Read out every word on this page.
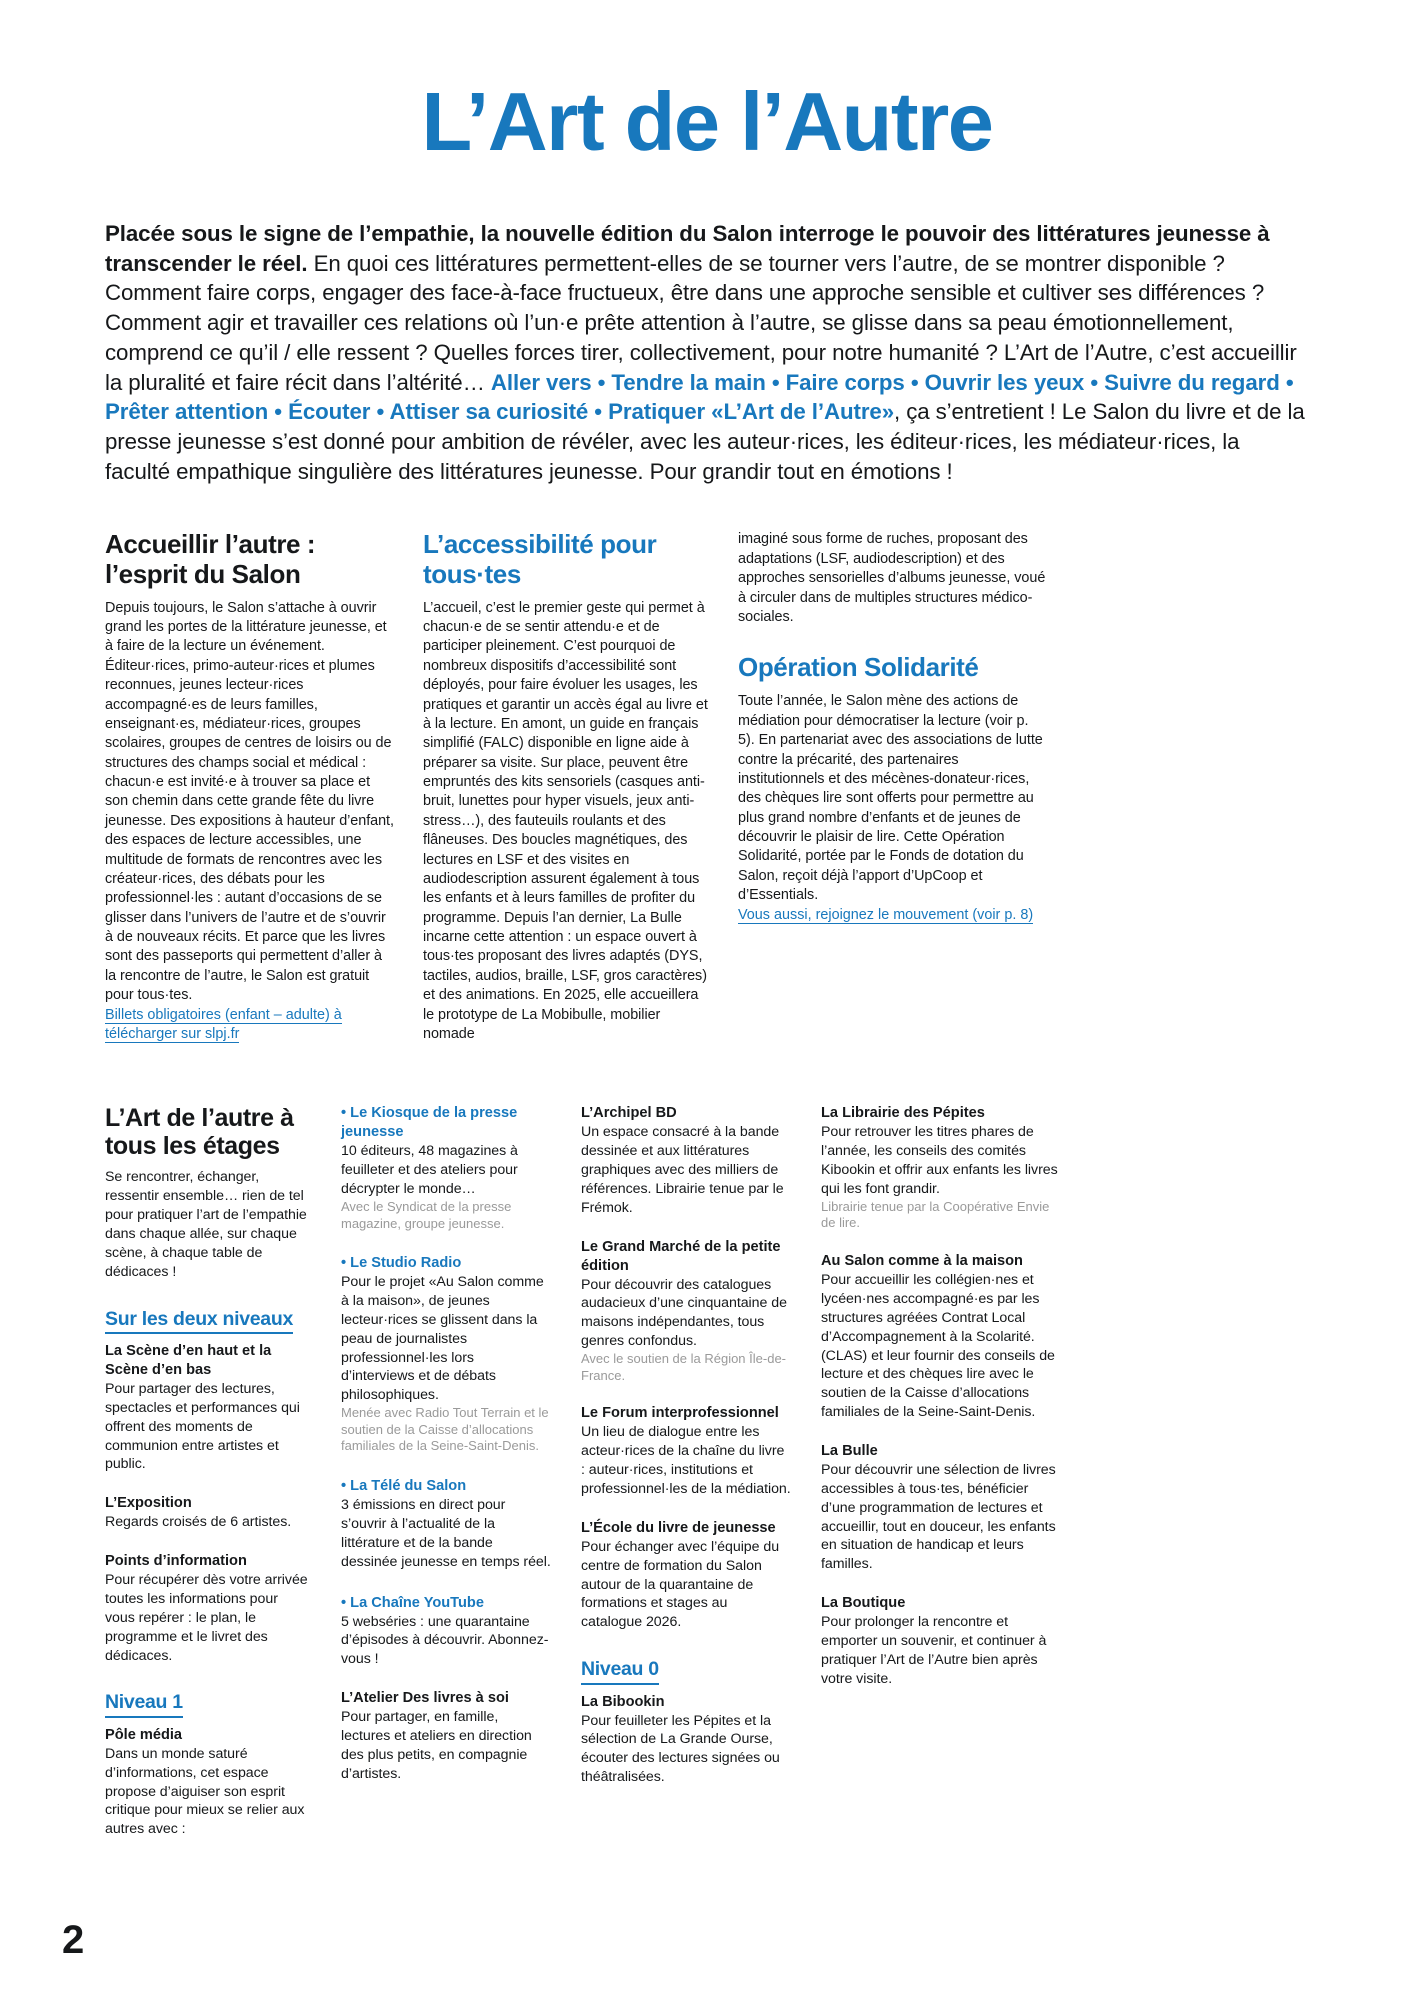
L’Art de l’Autre

Placée sous le signe de l’empathie, la nouvelle édition du Salon interroge le pouvoir des littératures jeunesse à transcender le réel. En quoi ces littératures permettent-elles de se tourner vers l’autre, de se montrer disponible ? Comment faire corps, engager des face-à-face fructueux, être dans une approche sensible et cultiver ses différences ? Comment agir et travailler ces relations où l’un·e prête attention à l’autre, se glisse dans sa peau émotionnellement, comprend ce qu’il / elle ressent ? Quelles forces tirer, collectivement, pour notre humanité ? L’Art de l’Autre, c’est accueillir la pluralité et faire récit dans l’altérité… Aller vers • Tendre la main • Faire corps • Ouvrir les yeux • Suivre du regard • Prêter attention • Écouter • Attiser sa curiosité • Pratiquer «L’Art de l’Autre», ça s’entretient ! Le Salon du livre et de la presse jeunesse s’est donné pour ambition de révéler, avec les auteur·rices, les éditeur·rices, les médiateur·rices, la faculté empathique singulière des littératures jeunesse. Pour grandir tout en émotions !

Accueillir l’autre : l’esprit du Salon

Depuis toujours, le Salon s’attache à ouvrir grand les portes de la littérature jeunesse, et à faire de la lecture un événement. Éditeur·rices, primo-auteur·rices et plumes reconnues, jeunes lecteur·rices accompagné·es de leurs familles, enseignant·es, médiateur·rices, groupes scolaires, groupes de centres de loisirs ou de structures des champs social et médical : chacun·e est invité·e à trouver sa place et son chemin dans cette grande fête du livre jeunesse. Des expositions à hauteur d’enfant, des espaces de lecture accessibles, une multitude de formats de rencontres avec les créateur·rices, des débats pour les professionnel·les : autant d’occasions de se glisser dans l’univers de l’autre et de s’ouvrir à de nouveaux récits. Et parce que les livres sont des passeports qui permettent d’aller à la rencontre de l’autre, le Salon est gratuit pour tous·tes.

Billets obligatoires (enfant – adulte) à télécharger sur slpj.fr

L’accessibilité pour tous·tes

L’accueil, c’est le premier geste qui permet à chacun·e de se sentir attendu·e et de participer pleinement. C’est pourquoi de nombreux dispositifs d’accessibilité sont déployés, pour faire évoluer les usages, les pratiques et garantir un accès égal au livre et à la lecture. En amont, un guide en français simplifié (FALC) disponible en ligne aide à préparer sa visite. Sur place, peuvent être empruntés des kits sensoriels (casques anti-bruit, lunettes pour hyper visuels, jeux anti-stress…), des fauteuils roulants et des flâneuses. Des boucles magnétiques, des lectures en LSF et des visites en audiodescription assurent également à tous les enfants et à leurs familles de profiter du programme. Depuis l’an dernier, La Bulle incarne cette attention : un espace ouvert à tous·tes proposant des livres adaptés (DYS, tactiles, audios, braille, LSF, gros caractères) et des animations. En 2025, elle accueillera le prototype de La Mobibulle, mobilier nomade

imaginé sous forme de ruches, proposant des adaptations (LSF, audiodescription) et des approches sensorielles d’albums jeunesse, voué à circuler dans de multiples structures médico-sociales.

Opération Solidarité

Toute l’année, le Salon mène des actions de médiation pour démocratiser la lecture (voir p. 5). En partenariat avec des associations de lutte contre la précarité, des partenaires institutionnels et des mécènes-donateur·rices, des chèques lire sont offerts pour permettre au plus grand nombre d’enfants et de jeunes de découvrir le plaisir de lire. Cette Opération Solidarité, portée par le Fonds de dotation du Salon, reçoit déjà l’apport d’UpCoop et d’Essentials.

Vous aussi, rejoignez le mouvement (voir p. 8)

L’Art de l’autre à tous les étages

Se rencontrer, échanger, ressentir ensemble… rien de tel pour pratiquer l’art de l’empathie dans chaque allée, sur chaque scène, à chaque table de dédicaces !

Sur les deux niveaux
La Scène d’en haut et la Scène d’en bas

Pour partager des lectures, spectacles et performances qui offrent des moments de communion entre artistes et public.

L’Exposition

Regards croisés de 6 artistes.

Points d’information

Pour récupérer dès votre arrivée toutes les informations pour vous repérer : le plan, le programme et le livret des dédicaces.

Niveau 1
Pôle média

Dans un monde saturé d’informations, cet espace propose d’aiguiser son esprit critique pour mieux se relier aux autres avec :

• Le Kiosque de la presse jeunesse

10 éditeurs, 48 magazines à feuilleter et des ateliers pour décrypter le monde…

Avec le Syndicat de la presse magazine, groupe jeunesse.

• Le Studio Radio

Pour le projet «Au Salon comme à la maison», de jeunes lecteur·rices se glissent dans la peau de journalistes professionnel·les lors d’interviews et de débats philosophiques.

Menée avec Radio Tout Terrain et le soutien de la Caisse d’allocations familiales de la Seine-Saint-Denis.

• La Télé du Salon

3 émissions en direct pour s’ouvrir à l’actualité de la littérature et de la bande dessinée jeunesse en temps réel.

• La Chaîne YouTube

5 webséries : une quarantaine d’épisodes à découvrir. Abonnez-vous !

L’Atelier Des livres à soi

Pour partager, en famille, lectures et ateliers en direction des plus petits, en compagnie d’artistes.

L’Archipel BD

Un espace consacré à la bande dessinée et aux littératures graphiques avec des milliers de références. Librairie tenue par le Frémok.

Le Grand Marché de la petite édition

Pour découvrir des catalogues audacieux d’une cinquantaine de maisons indépendantes, tous genres confondus.

Avec le soutien de la Région Île-de-France.

Le Forum interprofessionnel

Un lieu de dialogue entre les acteur·rices de la chaîne du livre : auteur·rices, institutions et professionnel·les de la médiation.

L’École du livre de jeunesse

Pour échanger avec l’équipe du centre de formation du Salon autour de la quarantaine de formations et stages au catalogue 2026.

Niveau 0
La Bibookin

Pour feuilleter les Pépites et la sélection de La Grande Ourse, écouter des lectures signées ou théâtralisées.

La Librairie des Pépites

Pour retrouver les titres phares de l’année, les conseils des comités Kibookin et offrir aux enfants les livres qui les font grandir.

Librairie tenue par la Coopérative Envie de lire.

Au Salon comme à la maison

Pour accueillir les collégien·nes et lycéen·nes accompagné·es par les structures agréées Contrat Local d’Accompagnement à la Scolarité. (CLAS) et leur fournir des conseils de lecture et des chèques lire avec le soutien de la Caisse d’allocations familiales de la Seine-Saint-Denis.

La Bulle

Pour découvrir une sélection de livres accessibles à tous·tes, bénéficier d’une programmation de lectures et accueillir, tout en douceur, les enfants en situation de handicap et leurs familles.

La Boutique

Pour prolonger la rencontre et emporter un souvenir, et continuer à pratiquer l’Art de l’Autre bien après votre visite.

2
